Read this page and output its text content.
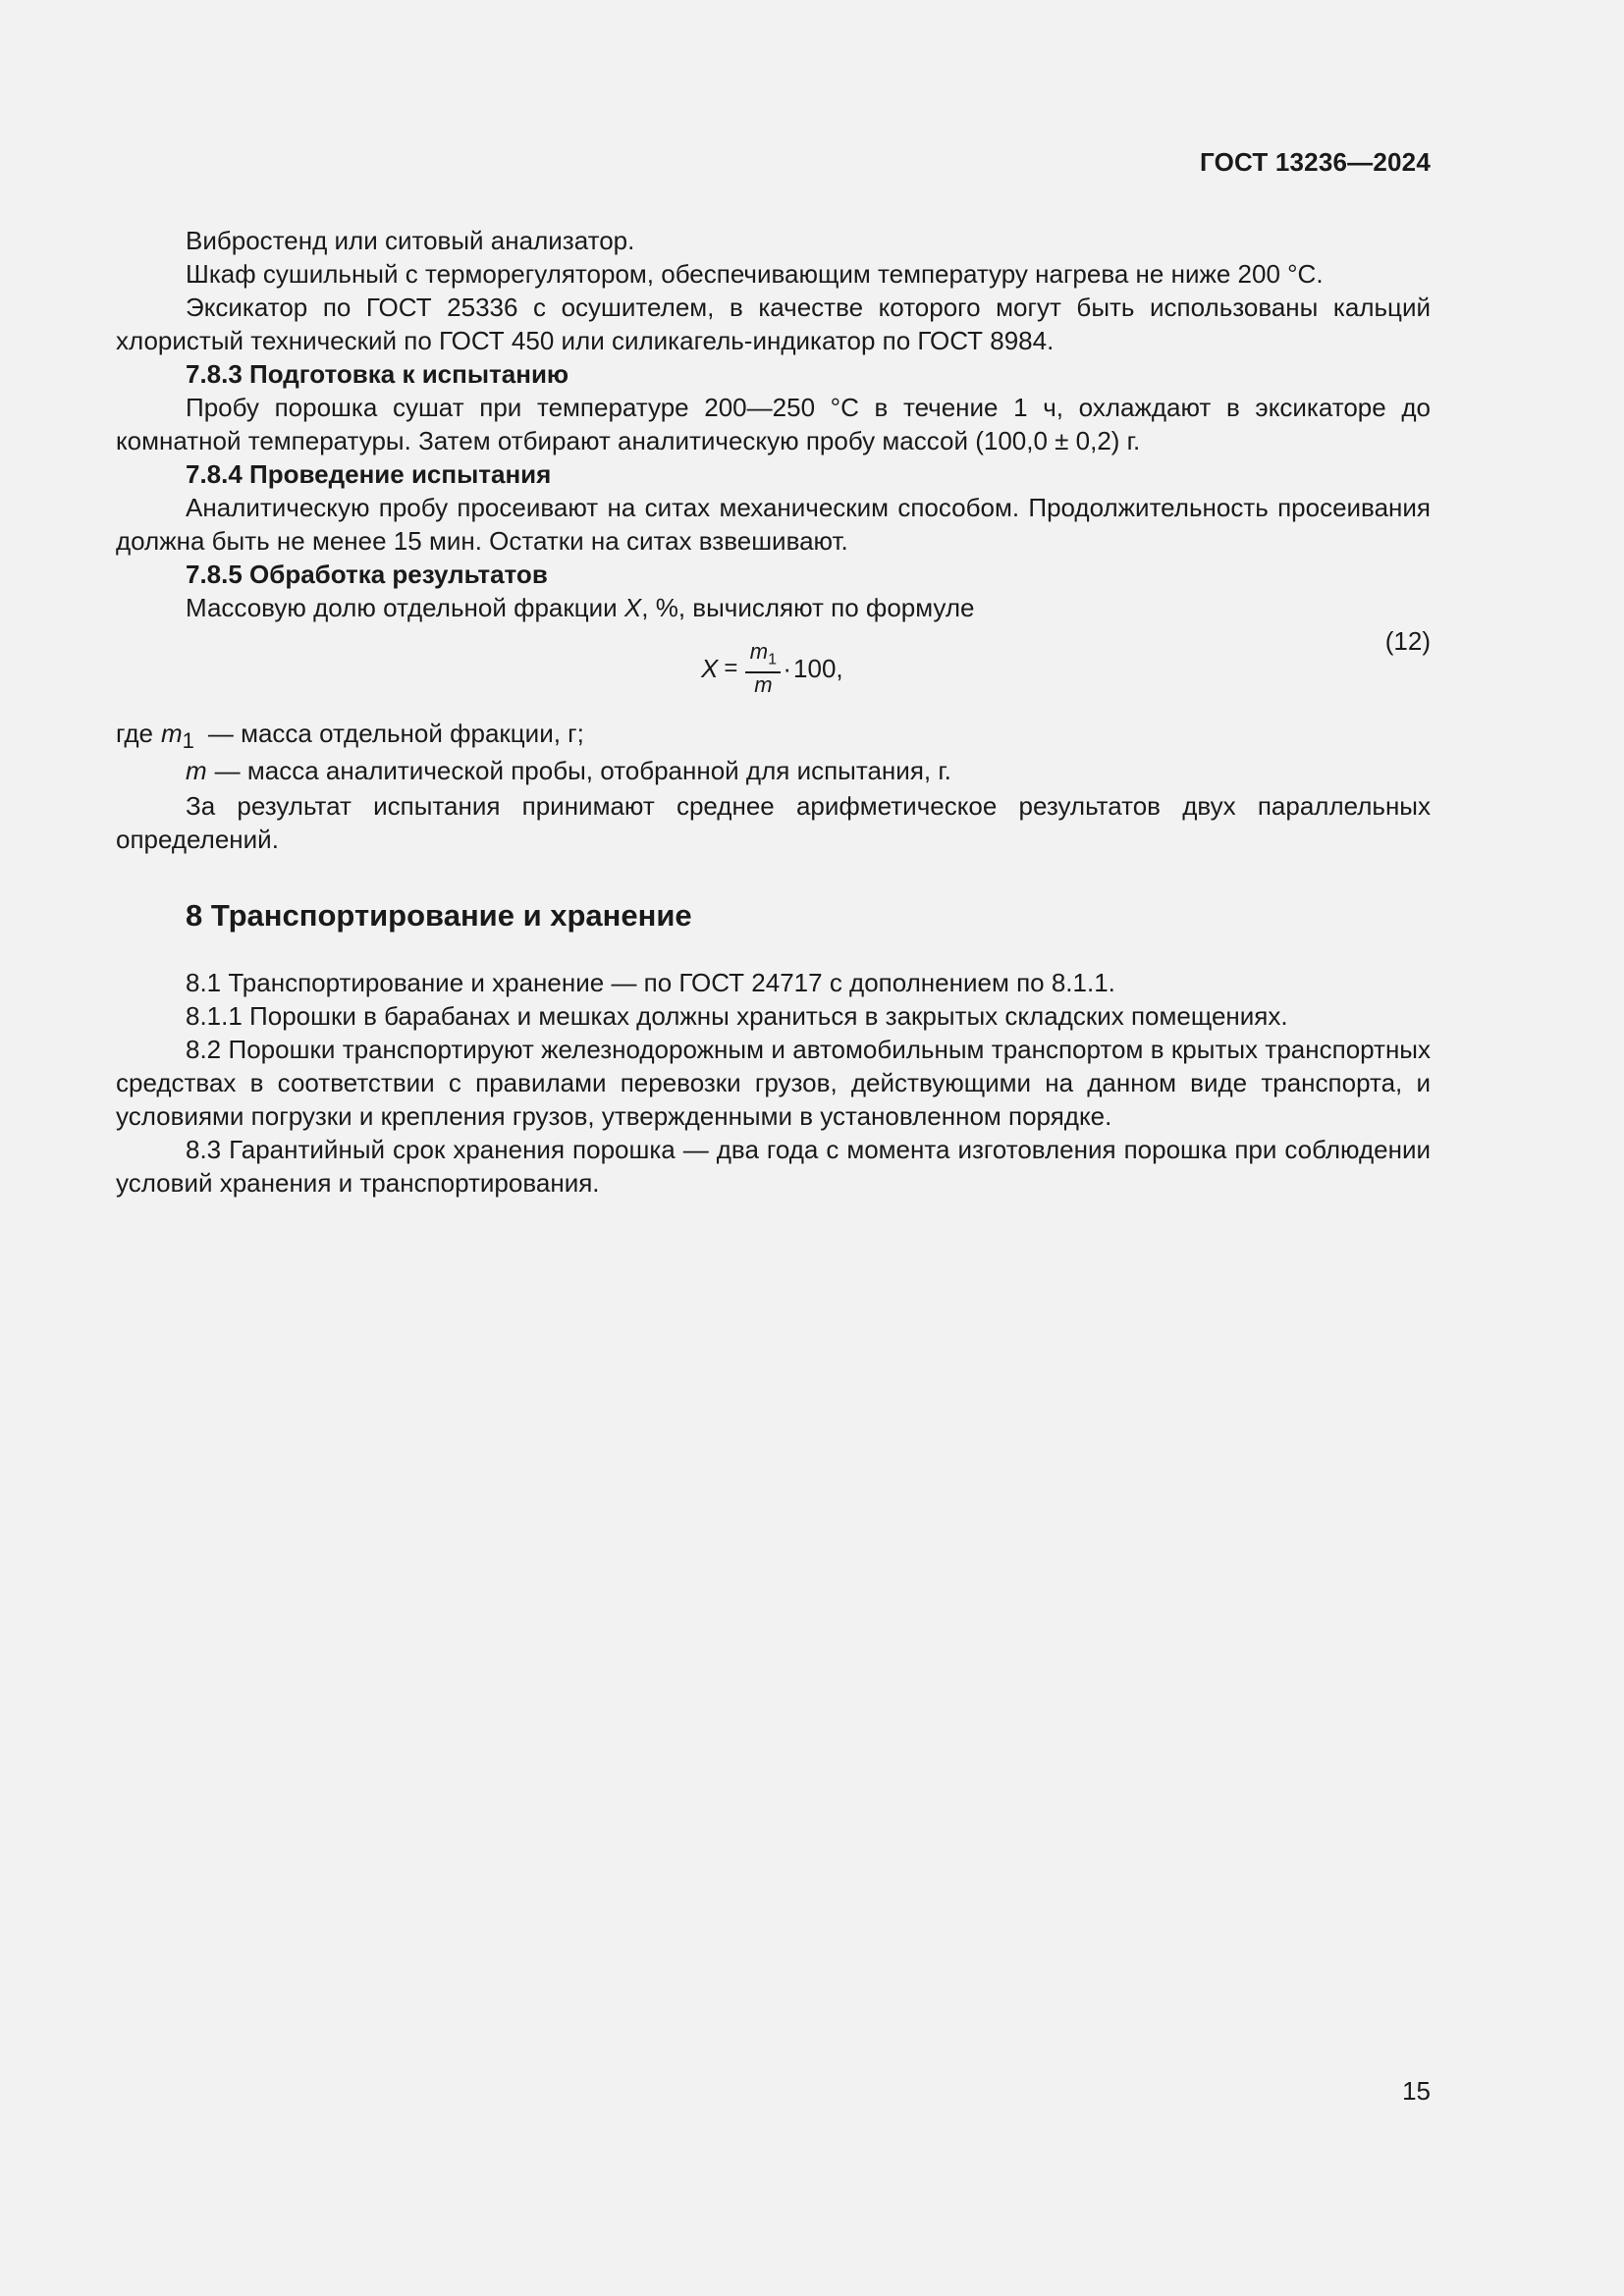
ГОСТ 13236—2024

Вибростенд или ситовый анализатор.

Шкаф сушильный с терморегулятором, обеспечивающим температуру нагрева не ниже 200 °С.

Эксикатор по ГОСТ 25336 с осушителем, в качестве которого могут быть использованы кальций хлористый технический по ГОСТ 450 или силикагель-индикатор по ГОСТ 8984.

7.8.3 Подготовка к испытанию

Пробу порошка сушат при температуре 200—250 °С в течение 1 ч, охлаждают в эксикаторе до комнатной температуры. Затем отбирают аналитическую пробу массой (100,0 ± 0,2) г.

7.8.4 Проведение испытания

Аналитическую пробу просеивают на ситах механическим способом. Продолжительность просеивания должна быть не менее 15 мин. Остатки на ситах взвешивают.

7.8.5 Обработка результатов

Массовую долю отдельной фракции X, %, вычисляют по формуле

$X = \frac{m_1}{m} \cdot 100$,
(12)
где $m_1$ — масса отдельной фракции, г;
m — масса аналитической пробы, отобранной для испытания, г.

За результат испытания принимают среднее арифметическое результатов двух параллельных определений.

8 Транспортирование и хранение

8.1 Транспортирование и хранение — по ГОСТ 24717 с дополнением по 8.1.1.

8.1.1 Порошки в барабанах и мешках должны храниться в закрытых складских помещениях.

8.2 Порошки транспортируют железнодорожным и автомобильным транспортом в крытых транспортных средствах в соответствии с правилами перевозки грузов, действующими на данном виде транспорта, и условиями погрузки и крепления грузов, утвержденными в установленном порядке.

8.3 Гарантийный срок хранения порошка — два года с момента изготовления порошка при соблюдении условий хранения и транспортирования.

15
